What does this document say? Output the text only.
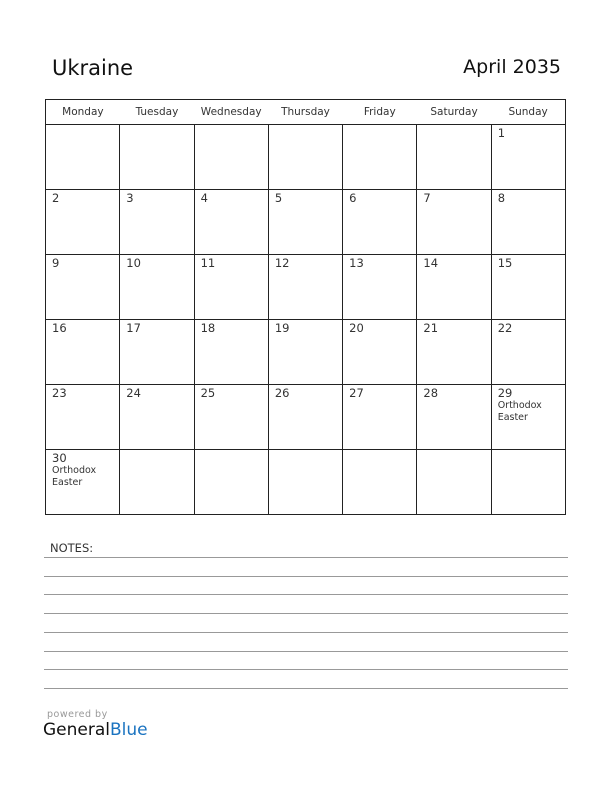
Ukraine	April 2035
Monday	Tuesday	Wednesday	Thursday	Friday	Saturday	Sunday

						1

2	3	4	5	6	7	8

9	10	11	12	13	14	15

16	17	18	19	20	21	22

23	24	25	26	27	28	29
Orthodox Easter

30
Orthodox Easter						

NOTES:
powered by
GeneralBlue
